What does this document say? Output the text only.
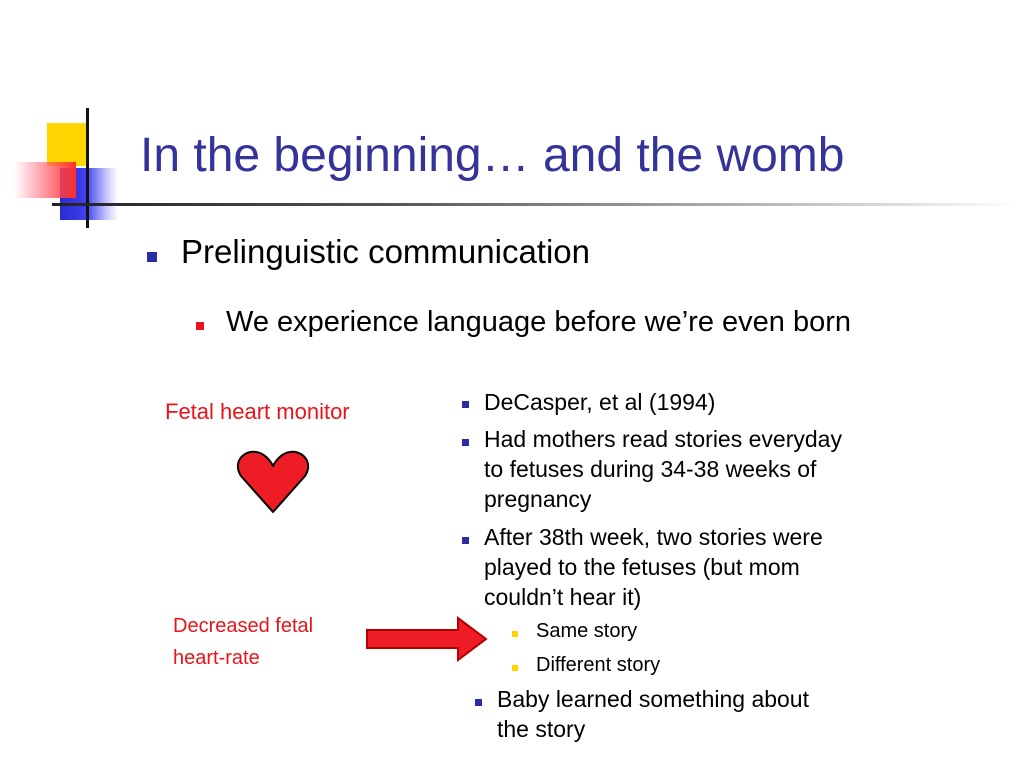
In the beginning… and the womb
Prelinguistic communication
We experience language before we’re even born
Fetal heart monitor
Decreased fetal
heart-rate
DeCasper, et al (1994)
Had mothers read stories everyday
to fetuses during 34-38 weeks of
pregnancy
After 38th week, two stories were
played to the fetuses (but mom
couldn’t hear it)
Same story
Different story
Baby learned something about
the story
